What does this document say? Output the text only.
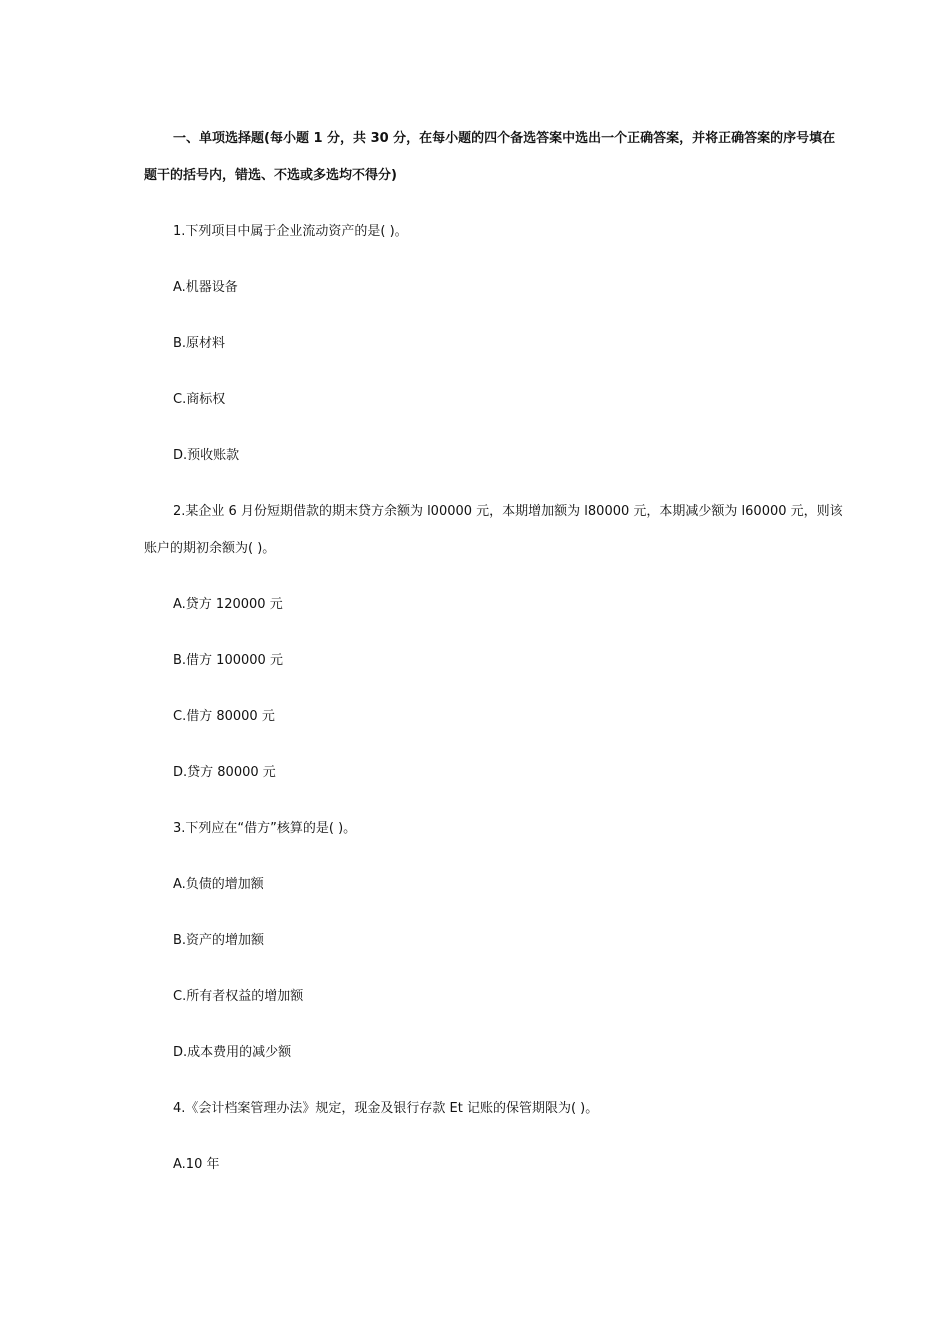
一、单项选择题(每小题 1 分，共 30 分，在每小题的四个备选答案中选出一个正确答案，并将正确答案的序号填在题干的括号内，错选、不选或多选均不得分)

1.下列项目中属于企业流动资产的是( )。

A.机器设备

B.原材料

C.商标权

D.预收账款

2.某企业 6 月份短期借款的期末贷方余额为 l00000 元，本期增加额为 l80000 元，本期减少额为 l60000 元，则该账户的期初余额为( )。

A.贷方 120000 元

B.借方 100000 元

C.借方 80000 元

D.贷方 80000 元

3.下列应在“借方”核算的是( )。

A.负债的增加额

B.资产的增加额

C.所有者权益的增加额

D.成本费用的减少额

4.《会计档案管理办法》规定，现金及银行存款 Et 记账的保管期限为( )。

A.10 年
